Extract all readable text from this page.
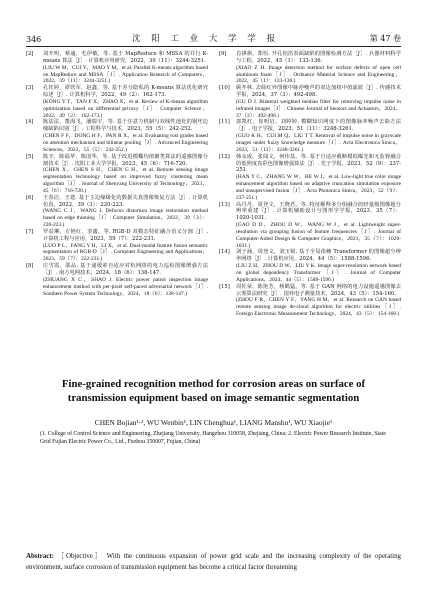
346	沈 阳 工 业 大 学 学 报	第 47 卷
[2]	刘开明，蔡逾，毛伊敏，等. 基于 MapReduce 和 MSSA 的并行 K-means 算法［J］. 计算机应用研究，2022，39（11）：3244-3251.
(LIU W M，CUI Y，MAO Y M，et al. Parallel K-means algorithm based on MapReduce and MSSA［J］. Application Research of Computers，2022，39（11）：3244-3251.)
[3]	孔钰婷，谭营军，赵鑫，等. 基于差分隐私的 K-means 算法优化研究综述［J］. 计算机科学，2022，49（2）：162-173.
(KONG Y T，TAN F X，ZHAO X，et al. Review of K-means algorithm optimization based on differential privacy［J］. Computer Science，2022，49（2）：162-173.)
[4]	陈法法，董海飞，潘瑞宇，等. 基于注意力机制与双线性池化的钢坯边缘缺陷识别［J］. 工程科学与技术，2023，55（5）：242-252.
(CHEN F F，DONG H F，PAN R X，et al. Evaluating rust grades based on attention mechanism and bilinear pooling［J］. Advanced Engineering Sciences，2023，55（5）：242-252.)
[5]	陈辛，陈福华，陈国华，等. 基于改进模糊均值聚类算法的遥感图像分割技术［J］. 沈阳工业大学学报，2023，45（6）：716-720.
(CHEN X，CHEN S H，CHEN G H，et al. Remote sensing image segmentation technology based on improved fuzzy clustering mean algorithm［J］. Journal of Shenyang University of Technology，2023，45（6）：716-720.)
[6]	王春洁，王建. 基于主边缘级化的数据失真图像恢复方法［J］. 计算机仿真，2022，39（3）：220-223.
(WANG C J，WANG J. Defocus distortion image restoration method based on edge thinning［J］. Computer Simulation，2022，39（3）：220-223.)
[7]	罗益琳，方艳红，李鑫，等. RGB-D 双模态特征融合语义分割［J］. 计算机工程与应用，2023，59（7）：222-231.
(LUO P L，FANG Y H，LI X，et al. Dual-modal feature fusion semantic segmentation of RGB-D［J］. Computer Engineering and Applications，2023，59（7）：222-231.)
[8]	庄雪霞，邵品. 基于递缓索自适应对杭网络的电力巡检图像增强方法［J］. 南方电网技术，2024，18（6）：138-147.
(ZHUANG X C，SHAO J. Electric power patrol inspection image enhancement method with per-pixel self-paced adversarial network［J］. Southern Power System Technology，2024，18（6）：138-147.)
[9]	肖祺祺，郑恒. 开孔铝箔表面缺陷的图像检测方法［J］. 兵器材料科学与工程，2022，45（1）：133-136.
(XIAO Z H. Image detection method for surface defects of open cell aluminum foam［J］. Ordnance Material Science and Engineering，2022，45（1）：133-136.)
[10]	顾冬林. 去除红外图像中脉冲噪声的双边加权中值滤波［J］. 传感技术学报，2024，37（3）：492-498.
(GU D J. Bilateral weighted median filter for removing impulse noise in infrared images［J］. Chinese Journal of Sensors and Actuators，2024，37（3）：492-498.)
[11]	郭凯红，崔明启，刘婷婷. 模糊知识网度下的图像脉冲噪声去除方法［J］. 电子学报，2023，51（11）：3248-3261.
(GUO K H，CUI M Q，LIU T T. Removal of impulse noise in grayscale images under fuzzy knowledge measure［J］. Acta Electronica Sinica，2023，51（11）：3248-3261.)
[12]	韩永成，张闻文，何伟基，等. 基于自适应截断模拟曝光和无监督融合的低照度真彩色图像增强算法［J］. 光子学报，2023，52（9）：237-251.
(HAN Y C，ZHANG W W，HE W J，et al. Low-light true color image enhancement algorithm based on adaptive truncation simulation exposure and unsupervised fusion［J］. Acta Photonica Sinica，2023，52（9）：237-251.)
[13]	高丹丹，周登文，王晓君，等. 特征解释多分组融合的轻量级图像超分辨率重建［J］. 计算机辅助设计与图形学学报，2023，35（7）：1020-1031.
(GAO D D，ZHOU D W，WANG W J，et al. Lightweight super-resolution via grouping fusion of feature frequencies［J］. Journal of Computer-Aided Design & Computer Graphics，2023，35（7）：1020-1031.)
[14]	刘子涵，周登文，刘玉铭. 基于全局依赖 Transformer 的图像超分辨率网络［J］. 计算机应用，2024，44（5）：1588-1596.
(LIU Z H，ZHOU D W，LIU Y K. Image super-resolution network based on global dependency Transformer［J］. Journal of Computer Applications，2024，44（5）：1588-1596.)
[15]	周佐荣，陈艳芳，杨鹤猛，等. 基于 GAN 网络的电力设施遥感图像去云雾算法研究［J］. 国外电子测量技术，2024，43（5）：154-160.
(ZHOU F R，CHEN Y F，YANG H M，et al. Research on GAN based remote sensing image de-cloud algorithm for electric utilities［J］. Foreign Electronic Measurement Technology，2024，43（5）：154-160.)

Fine-grained recognition method for corrosion areas on surface of
transmission equipment based on image semantic segmentation

CHEN Bojian¹·², WU Wenbin¹, LIN Chenghua¹, LIANG Manshu¹, WU Xiaojie¹
(1. College of Control Science and Engineering, Zhejiang University, Hangzhou 310058, Zhejiang, China; 2. Electric Power Research Institute, State Grid Fujian Electric Power Co., Ltd., Fuzhou 350007, Fujian, China)
Abstract: ［Objective］ With the continuous expansion of power grid scale and the increasing complexity of the operating environment, surface corrosion of transmission equipment has become a critical factor threatening
